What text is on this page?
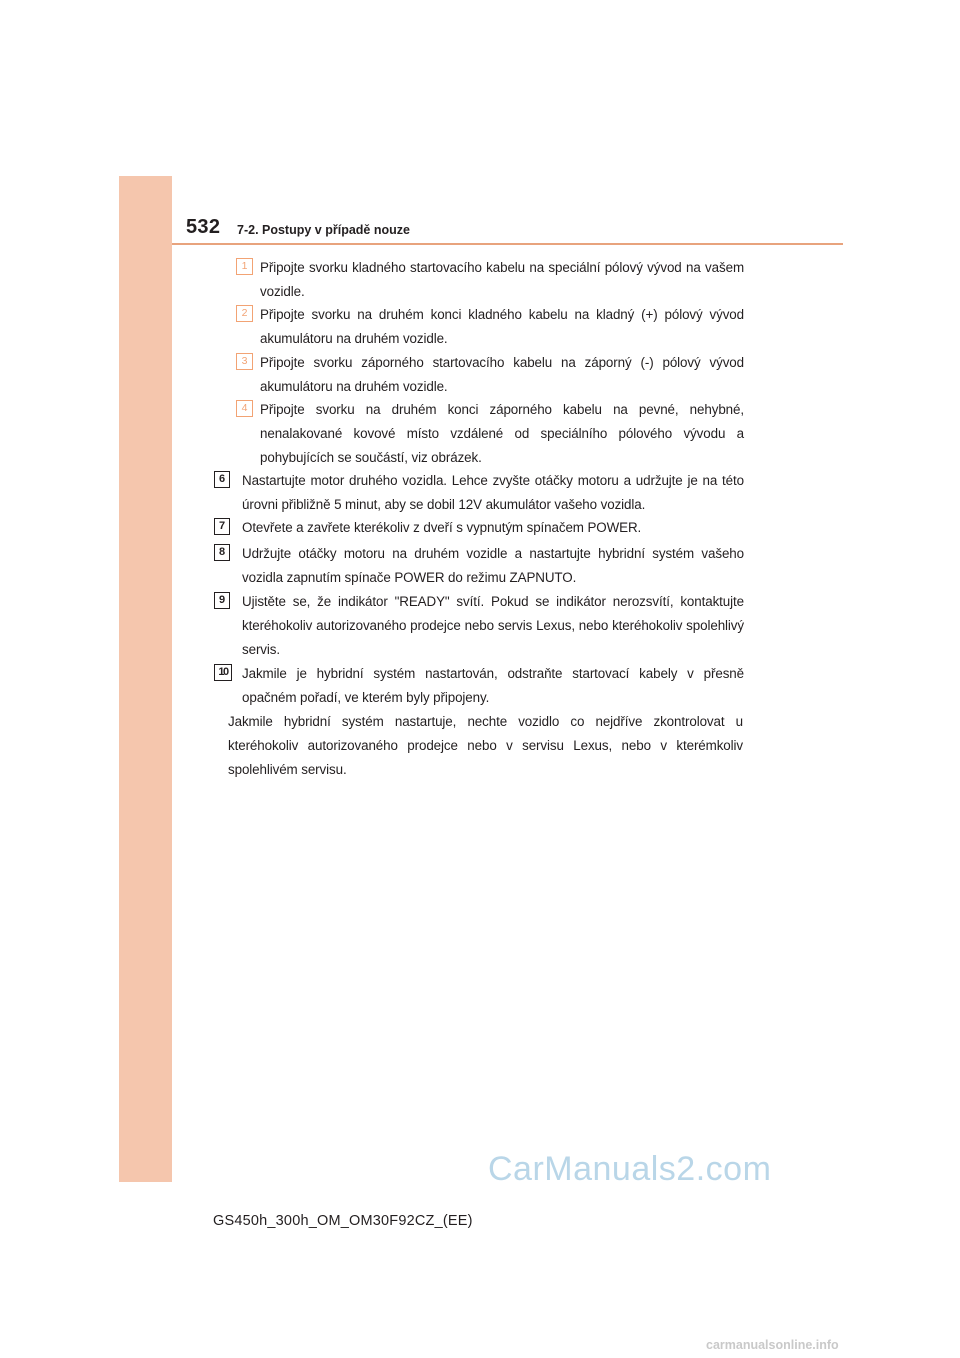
532 7-2. Postupy v případě nouze
1 Připojte svorku kladného startovacího kabelu na speciální pólový vývod na vašem vozidle.

2 Připojte svorku na druhém konci kladného kabelu na kladný (+) pólový vývod akumulátoru na druhém vozidle.

3 Připojte svorku záporného startovacího kabelu na záporný (-) pólový vývod akumulátoru na druhém vozidle.

4 Připojte svorku na druhém konci záporného kabelu na pevné, nehybné, nenalakované kovové místo vzdálené od speciálního pólového vývodu a pohybujících se součástí, viz obrázek.

6	Nastartujte motor druhého vozidla. Lehce zvyšte otáčky motoru a udržujte je na této úrovni přibližně 5 minut, aby se dobil 12V akumulátor vašeho vozidla.

7	Otevřete a zavřete kterékoliv z dveří s vypnutým spínačem POWER.

8	Udržujte otáčky motoru na druhém vozidle a nastartujte hybridní systém vašeho vozidla zapnutím spínače POWER do režimu ZAPNUTO.

9	Ujistěte se, že indikátor "READY" svítí. Pokud se indikátor nerozsvítí, kontaktujte kteréhokoliv autorizovaného prodejce nebo servis Lexus, nebo kteréhokoliv spolehlivý servis.

10	Jakmile je hybridní systém nastartován, odstraňte startovací kabely v přesně opačném pořadí, ve kterém byly připojeny.

Jakmile hybridní systém nastartuje, nechte vozidlo co nejdříve zkontrolovat u kteréhokoliv autorizovaného prodejce nebo v servisu Lexus, nebo v kterémkoliv spolehlivém servisu.

CarManuals2.com
GS450h_300h_OM_OM30F92CZ_(EE)
carmanualsonline.info
